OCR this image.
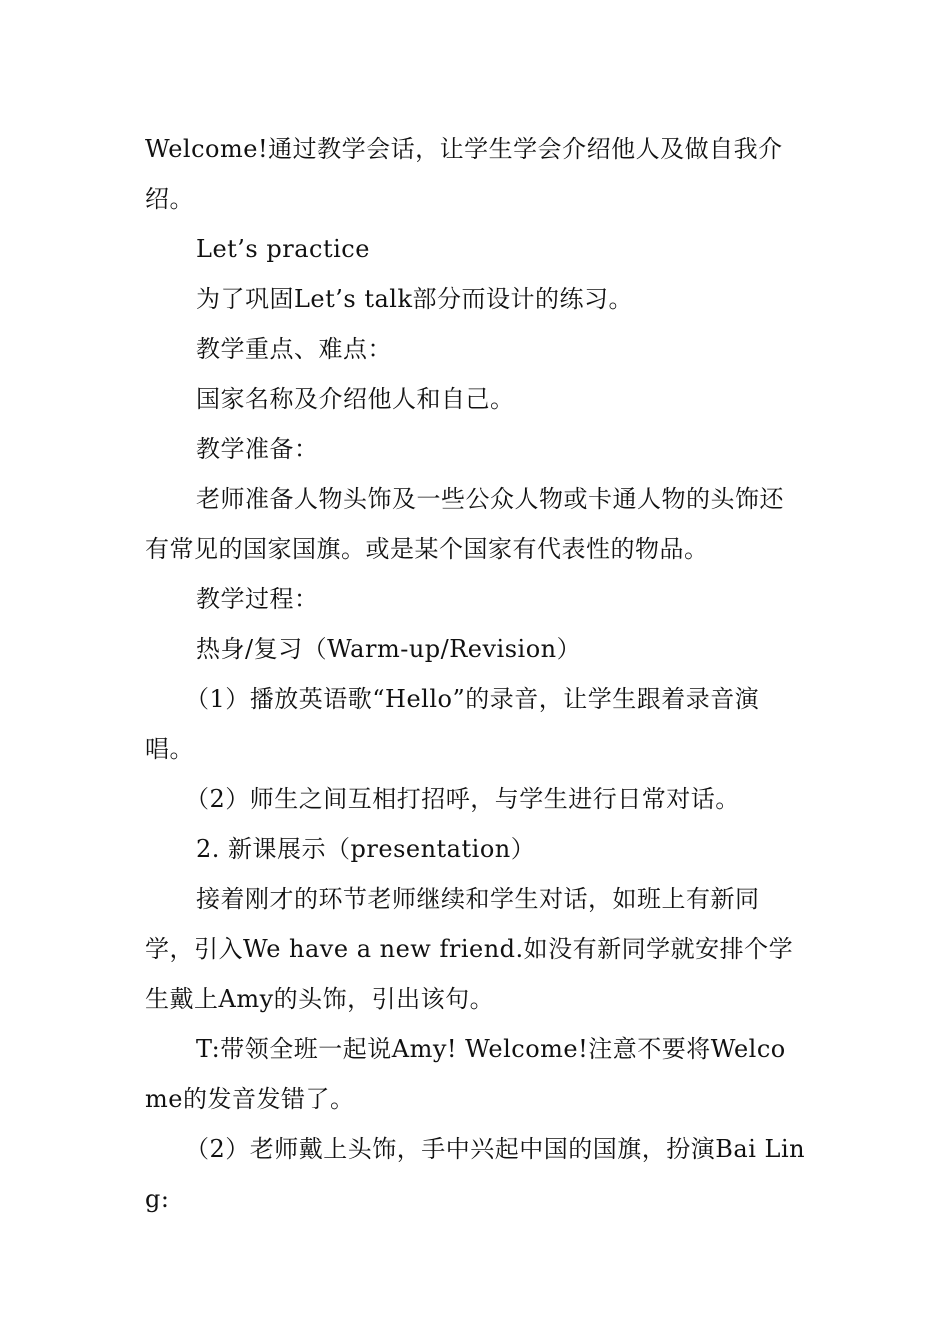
Welcome!通过教学会话，让学生学会介绍他人及做自我介绍。

Let’s practice

为了巩固Let’s talk部分而设计的练习。

教学重点、难点：

国家名称及介绍他人和自己。

教学准备：

老师准备人物头饰及一些公众人物或卡通人物的头饰还有常见的国家国旗。或是某个国家有代表性的物品。

教学过程：

热身/复习（Warm-up/Revision）

（1）播放英语歌“Hello”的录音，让学生跟着录音演唱。

（2）师生之间互相打招呼，与学生进行日常对话。

2. 新课展示（presentation）

接着刚才的环节老师继续和学生对话，如班上有新同学，引入We have a new friend.如没有新同学就安排个学生戴上Amy的头饰，引出该句。

T:带领全班一起说Amy! Welcome!注意不要将Welcome的发音发错了。

（2）老师戴上头饰，手中兴起中国的国旗，扮演Bai Ling:
